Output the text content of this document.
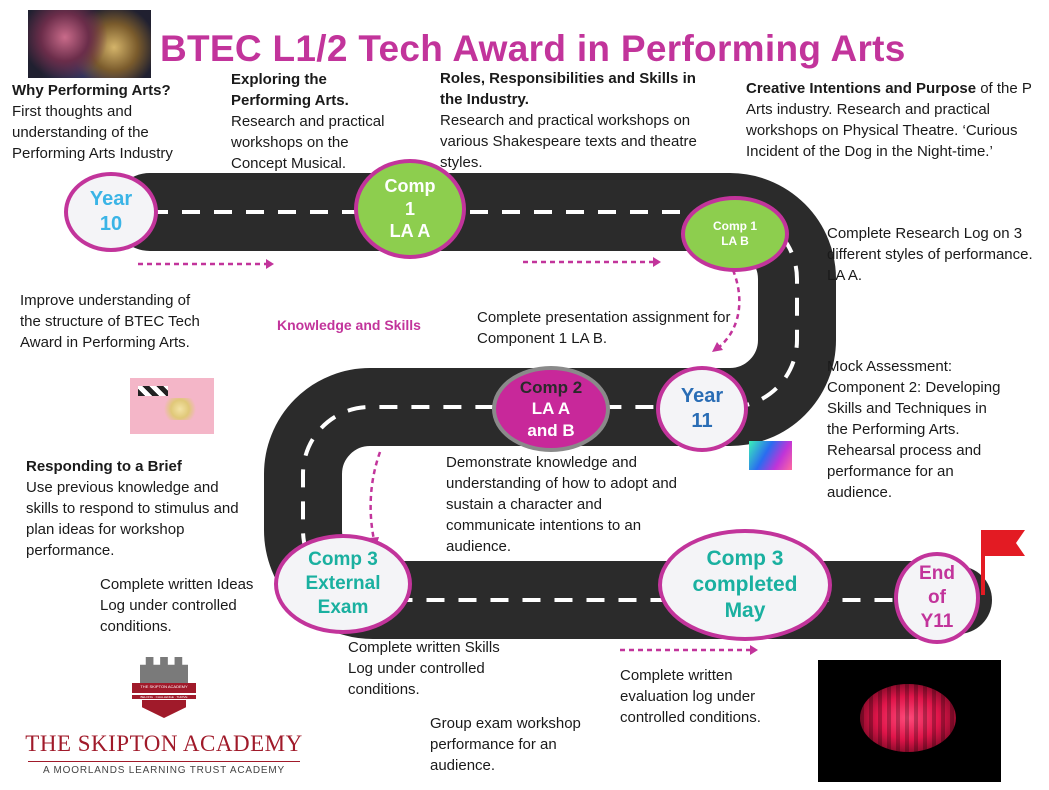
BTEC L1/2 Tech Award in Performing Arts
Why Performing Arts?
First thoughts and understanding of the Performing Arts Industry
Exploring the Performing Arts.
Research and practical workshops on the Concept Musical.
Roles, Responsibilities and Skills in the Industry.
Research and practical workshops on various Shakespeare texts and theatre styles.
Creative Intentions and Purpose of the P Arts industry. Research and practical workshops on Physical Theatre. ‘Curious Incident of the Dog in the Night-time.’
Year
10
Comp
1
LA A	Comp 1
LA B
Comp 2
LA A
and B
Year
11
Comp 3
External
Exam
Comp 3
completed
May
End
of
Y11
Improve understanding of the structure of BTEC Tech Award in Performing Arts.
Knowledge and Skills	Complete presentation assignment for Component 1 LA B.
Complete Research Log on 3 different styles of performance. LA A.
Mock Assessment: Component 2: Developing Skills and Techniques in the Performing Arts. Rehearsal process and performance for an audience.
Responding to a Brief
Use previous knowledge and skills to respond to stimulus and plan ideas for workshop performance.
Demonstrate knowledge and understanding of how to adopt and sustain a character and communicate intentions to an audience.
Complete written Ideas Log under controlled conditions.
Complete written Skills Log under controlled conditions.
Complete written evaluation log under controlled conditions.
Group exam workshop performance for an audience.
THE SKIPTON ACADEMY
BELONG · CHALLENGE · THRIVE
THE SKIPTON ACADEMY
A MOORLANDS LEARNING TRUST ACADEMY
